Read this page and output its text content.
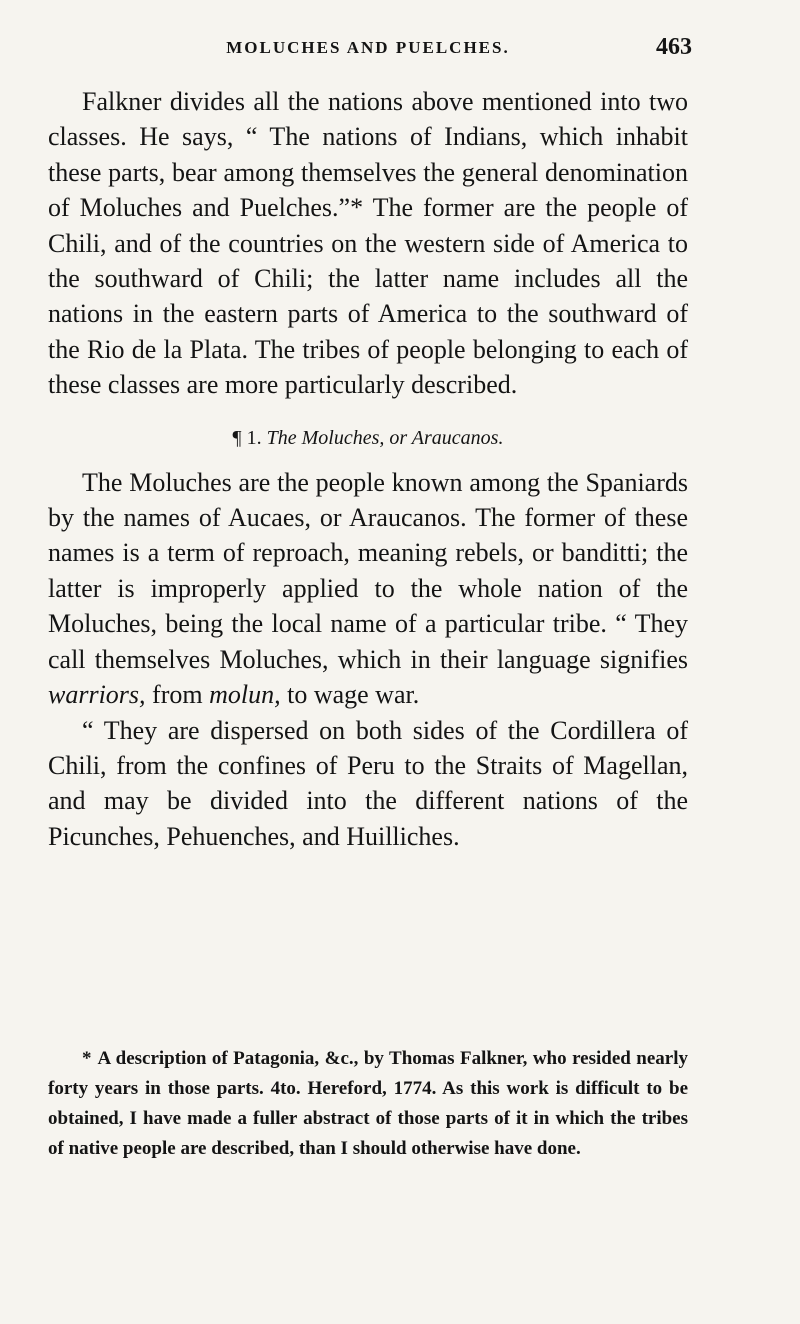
MOLUCHES AND PUELCHES.	463

Falkner divides all the nations above mentioned into two classes. He says, “ The nations of Indians, which inhabit these parts, bear among themselves the general denomination of Moluches and Puelches.”* The former are the people of Chili, and of the countries on the western side of America to the southward of Chili; the latter name includes all the nations in the eastern parts of America to the southward of the Rio de la Plata. The tribes of people belonging to each of these classes are more particularly described.

¶ 1. The Moluches, or Araucanos.

The Moluches are the people known among the Spaniards by the names of Aucaes, or Araucanos. The former of these names is a term of reproach, meaning rebels, or banditti; the latter is improperly applied to the whole nation of the Moluches, being the local name of a particular tribe. “ They call themselves Moluches, which in their language signifies warriors, from molun, to wage war.

“ They are dispersed on both sides of the Cordillera of Chili, from the confines of Peru to the Straits of Magellan, and may be divided into the different nations of the Picunches, Pehuenches, and Huilliches.

* A description of Patagonia, &c., by Thomas Falkner, who resided nearly forty years in those parts. 4to. Hereford, 1774. As this work is difficult to be obtained, I have made a fuller abstract of those parts of it in which the tribes of native people are described, than I should otherwise have done.
